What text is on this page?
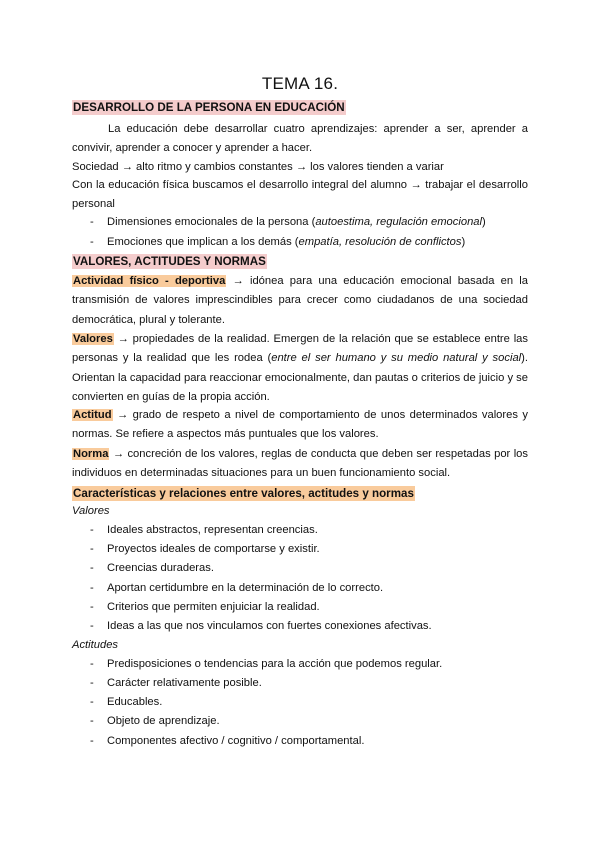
TEMA 16.
DESARROLLO DE LA PERSONA EN EDUCACIÓN
La educación debe desarrollar cuatro aprendizajes: aprender a ser, aprender a convivir, aprender a conocer y aprender a hacer.
Sociedad → alto ritmo y cambios constantes → los valores tienden a variar
Con la educación física buscamos el desarrollo integral del alumno → trabajar el desarrollo personal
- Dimensiones emocionales de la persona (autoestima, regulación emocional)
- Emociones que implican a los demás (empatía, resolución de conflictos)
VALORES, ACTITUDES Y NORMAS
Actividad físico - deportiva → idónea para una educación emocional basada en la transmisión de valores imprescindibles para crecer como ciudadanos de una sociedad democrática, plural y tolerante.
Valores → propiedades de la realidad. Emergen de la relación que se establece entre las personas y la realidad que les rodea (entre el ser humano y su medio natural y social). Orientan la capacidad para reaccionar emocionalmente, dan pautas o criterios de juicio y se convierten en guías de la propia acción.
Actitud → grado de respeto a nivel de comportamiento de unos determinados valores y normas. Se refiere a aspectos más puntuales que los valores.
Norma → concreción de los valores, reglas de conducta que deben ser respetadas por los individuos en determinadas situaciones para un buen funcionamiento social.
Características y relaciones entre valores, actitudes y normas
Valores
- Ideales abstractos, representan creencias.
- Proyectos ideales de comportarse y existir.
- Creencias duraderas.
- Aportan certidumbre en la determinación de lo correcto.
- Criterios que permiten enjuiciar la realidad.
- Ideas a las que nos vinculamos con fuertes conexiones afectivas.
Actitudes
- Predisposiciones o tendencias para la acción que podemos regular.
- Carácter relativamente posible.
- Educables.
- Objeto de aprendizaje.
- Componentes afectivo / cognitivo / comportamental.
